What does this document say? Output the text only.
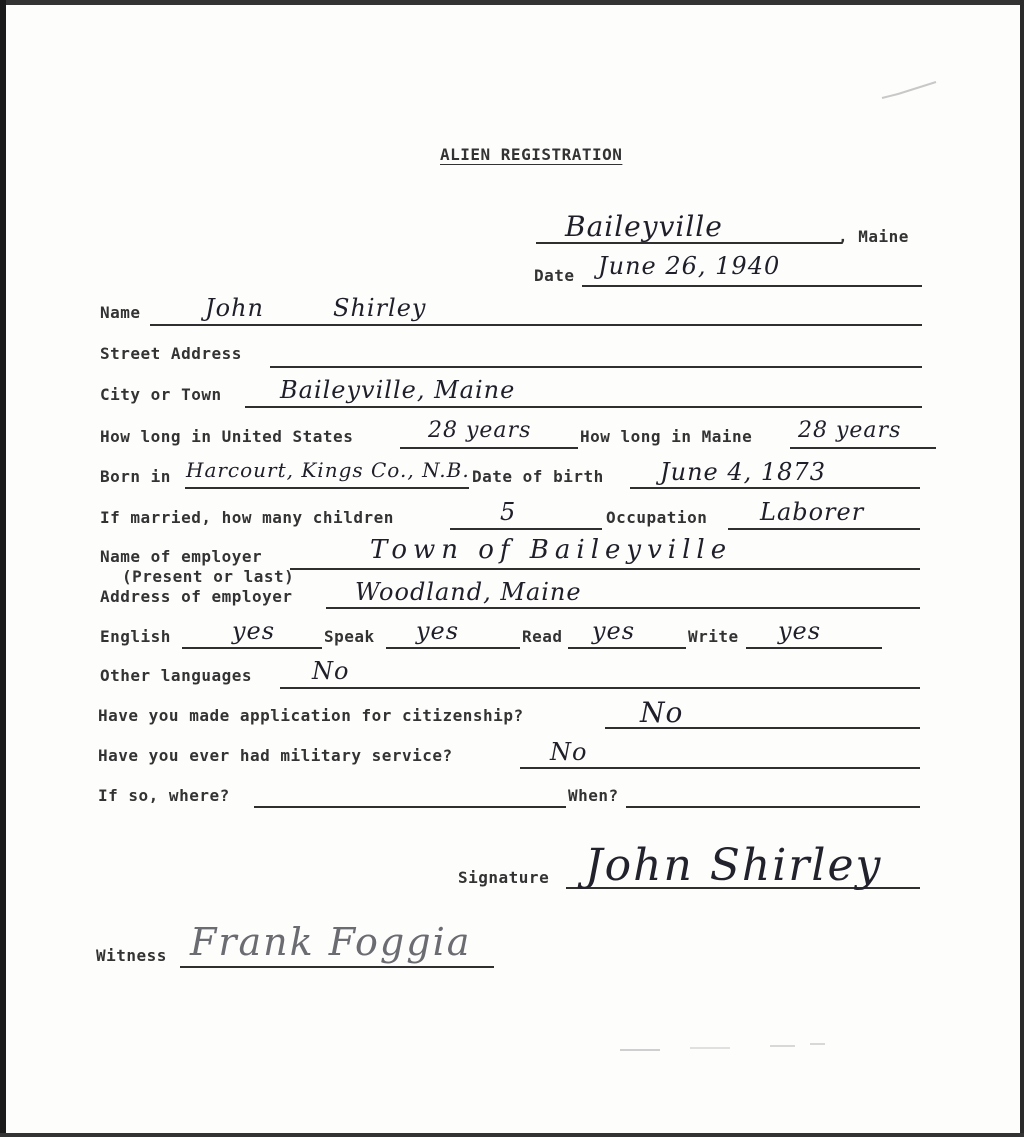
ALIEN REGISTRATION
Baileyville	, Maine
Date June 26, 1940
Name	John	Shirley
Street Address
City or Town Baileyville, Maine
How long in United States	28 years	How long in Maine 28 years
Born in Harcourt, Kings Co., N.B. Date of birth June 4, 1873
If married, how many children	5	Occupation Laborer
Name of employer
(Present or last)
Town of Baileyville
Address of employer	Woodland, Maine
English	yes	Speak yes	Read yes	Write yes
Other languages	No
Have you made application for citizenship?	No
Have you ever had military service?	No
If so, where?	When?
Signature John Shirley
Witness Frank Foggia
